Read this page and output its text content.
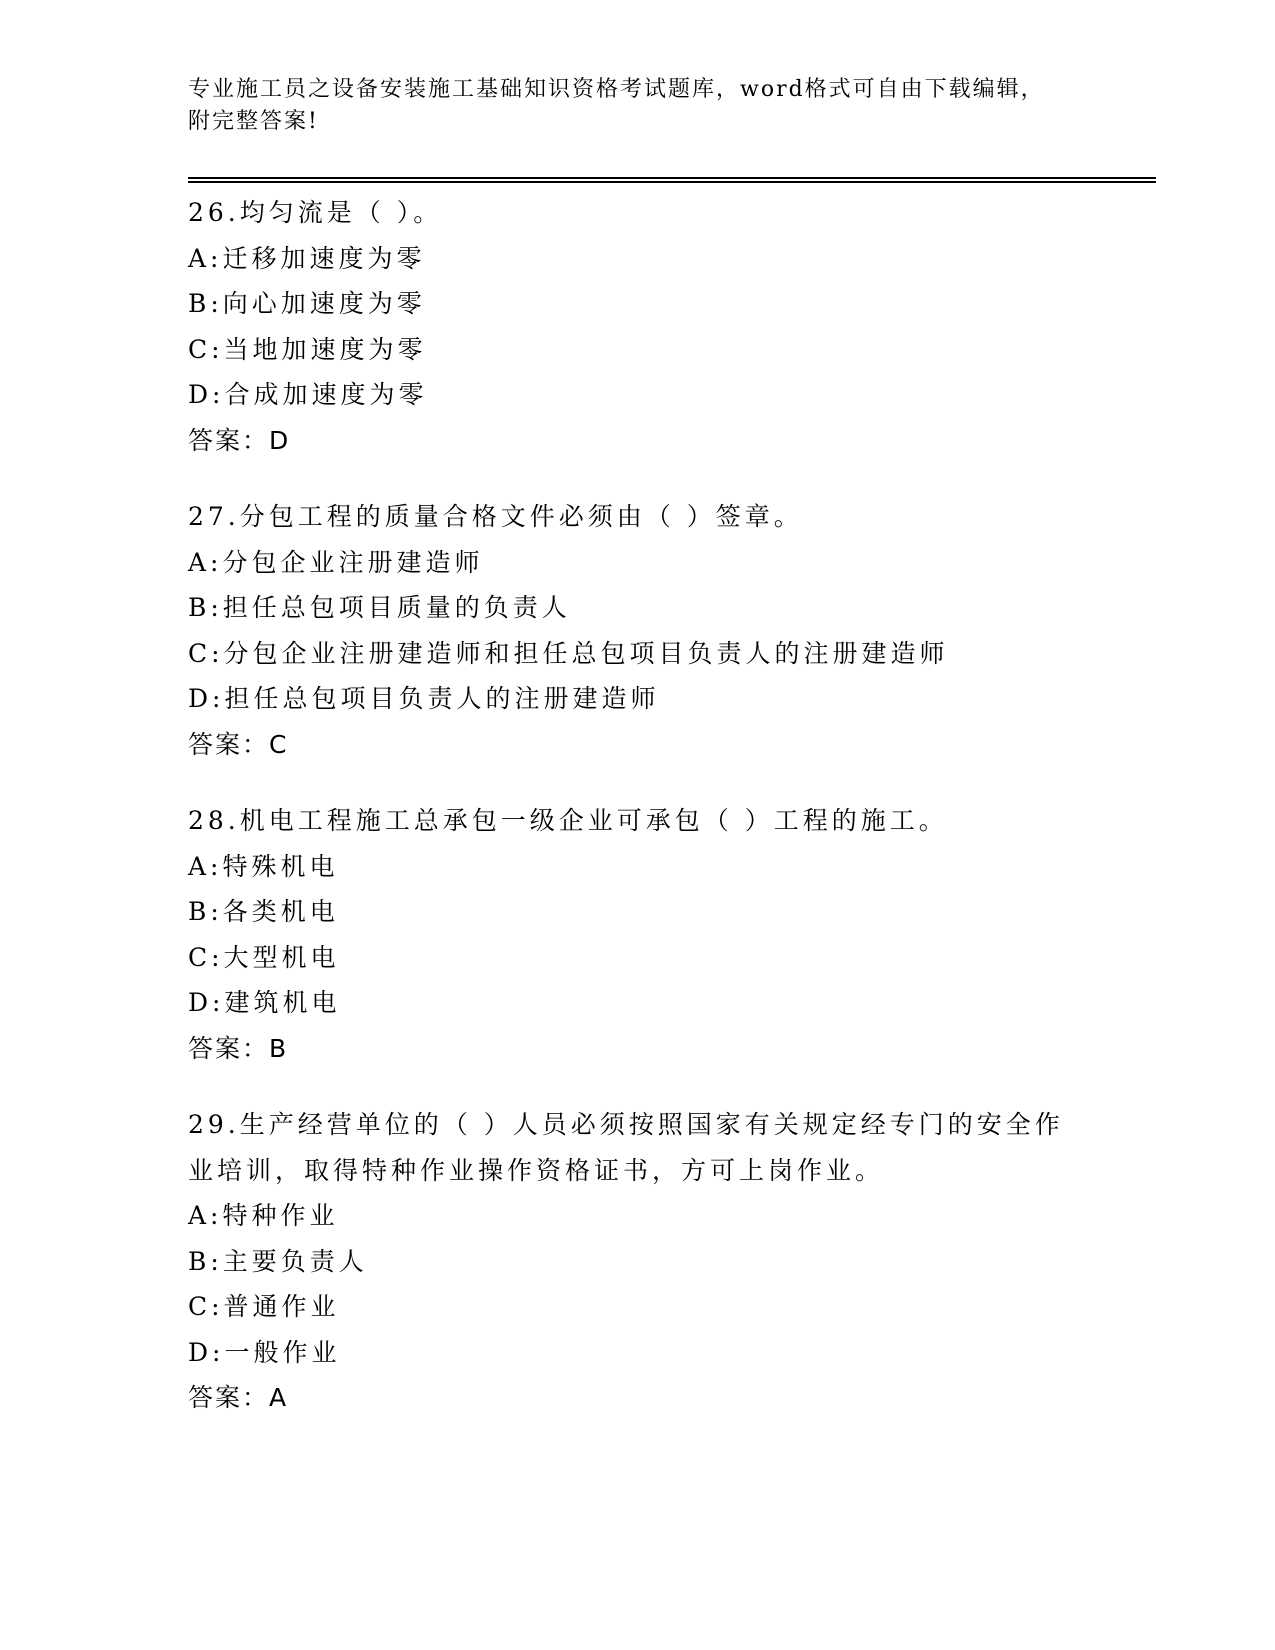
专业施工员之设备安装施工基础知识资格考试题库，word格式可自由下载编辑，
附完整答案!
26.均匀流是（ ）。
A:迁移加速度为零
B:向心加速度为零
C:当地加速度为零
D:合成加速度为零
答案：D
27.分包工程的质量合格文件必须由（ ）签章。
A:分包企业注册建造师
B:担任总包项目质量的负责人
C:分包企业注册建造师和担任总包项目负责人的注册建造师
D:担任总包项目负责人的注册建造师
答案：C
28.机电工程施工总承包一级企业可承包（ ）工程的施工。
A:特殊机电
B:各类机电
C:大型机电
D:建筑机电
答案：B
29.生产经营单位的（ ）人员必须按照国家有关规定经专门的安全作
业培训，取得特种作业操作资格证书，方可上岗作业。
A:特种作业
B:主要负责人
C:普通作业
D:一般作业
答案：A
